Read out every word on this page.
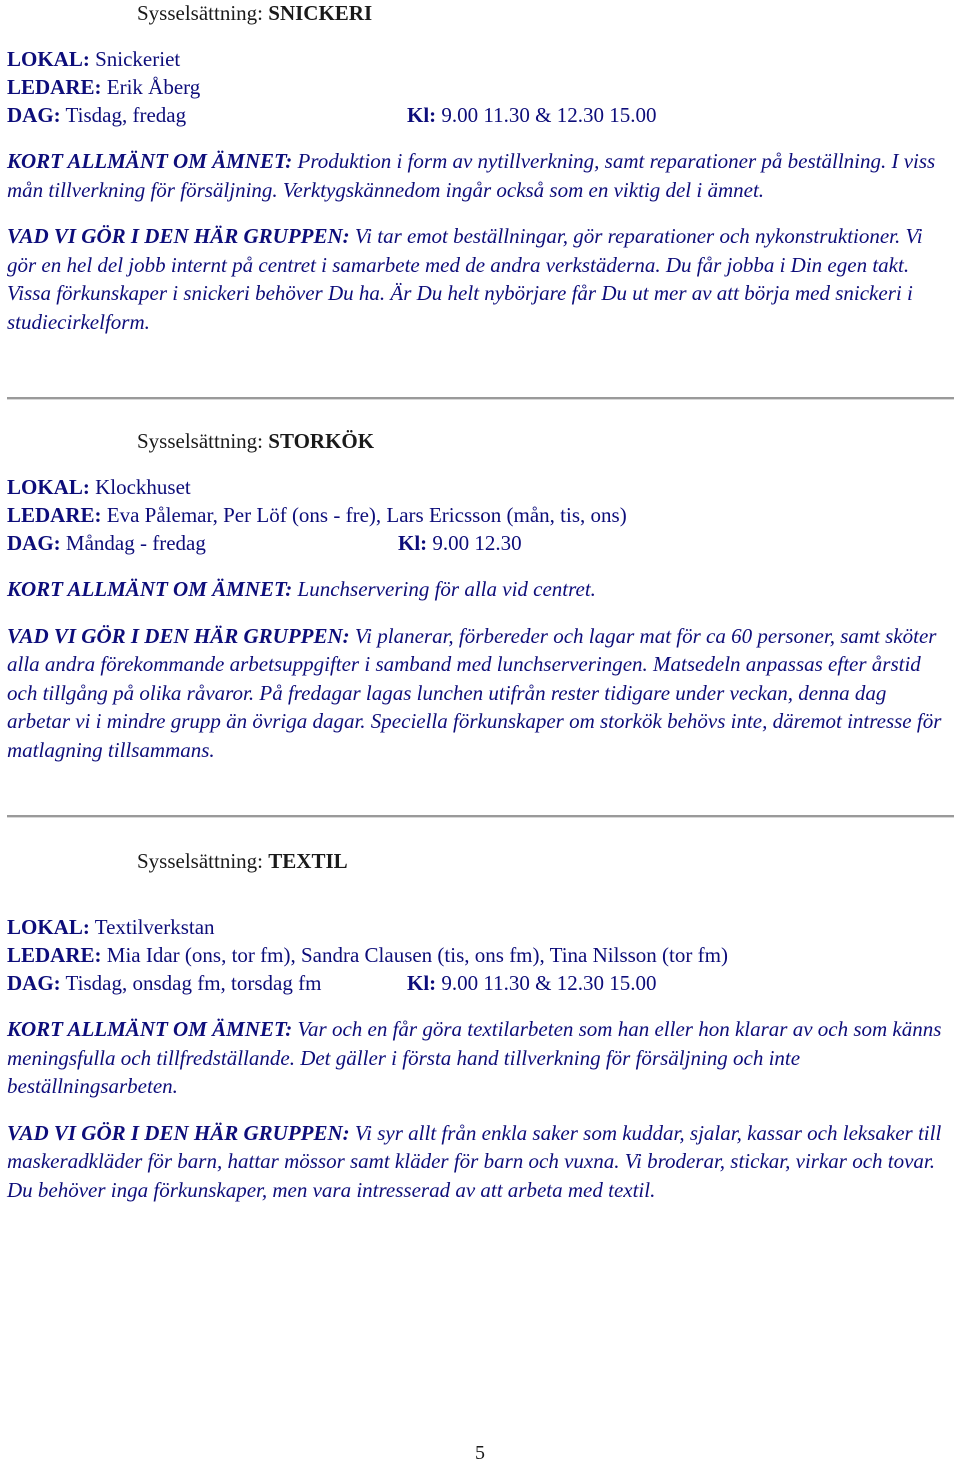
Sysselsättning: SNICKERI
LOKAL: Snickeriet
LEDARE: Erik Åberg
DAG: Tisdag, fredag	Kl: 9.00 11.30 & 12.30 15.00

KORT ALLMÄNT OM ÄMNET: Produktion i form av nytillverkning, samt reparationer på beställning. I viss mån tillverkning för försäljning. Verktygskännedom ingår också som en viktig del i ämnet.

VAD VI GÖR I DEN HÄR GRUPPEN: Vi tar emot beställningar, gör reparationer och nykonstruktioner. Vi gör en hel del jobb internt på centret i samarbete med de andra verkstäderna. Du får jobba i Din egen takt. Vissa förkunskaper i snickeri behöver Du ha. Är Du helt nybörjare får Du ut mer av att börja med snickeri i studiecirkelform.

Sysselsättning: STORKÖK
LOKAL: Klockhuset
LEDARE: Eva Pålemar, Per Löf (ons - fre), Lars Ericsson (mån, tis, ons)
DAG: Måndag - fredag	Kl: 9.00 12.30

KORT ALLMÄNT OM ÄMNET: Lunchservering för alla vid centret.

VAD VI GÖR I DEN HÄR GRUPPEN: Vi planerar, förbereder och lagar mat för ca 60 personer, samt sköter alla andra förekommande arbetsuppgifter i samband med lunchserveringen. Matsedeln anpassas efter årstid och tillgång på olika råvaror. På fredagar lagas lunchen utifrån rester tidigare under veckan, denna dag arbetar vi i mindre grupp än övriga dagar. Speciella förkunskaper om storkök behövs inte, däremot intresse för matlagning tillsammans.

Sysselsättning: TEXTIL
LOKAL: Textilverkstan
LEDARE: Mia Idar (ons, tor fm), Sandra Clausen (tis, ons fm), Tina Nilsson (tor fm)
DAG: Tisdag, onsdag fm, torsdag fm	Kl: 9.00 11.30 & 12.30 15.00

KORT ALLMÄNT OM ÄMNET: Var och en får göra textilarbeten som han eller hon klarar av och som känns meningsfulla och tillfredställande. Det gäller i första hand tillverkning för försäljning och inte beställningsarbeten.

VAD VI GÖR I DEN HÄR GRUPPEN: Vi syr allt från enkla saker som kuddar, sjalar, kassar och leksaker till maskeradkläder för barn, hattar mössor samt kläder för barn och vuxna. Vi broderar, stickar, virkar och tovar. Du behöver inga förkunskaper, men vara intresserad av att arbeta med textil.

5
